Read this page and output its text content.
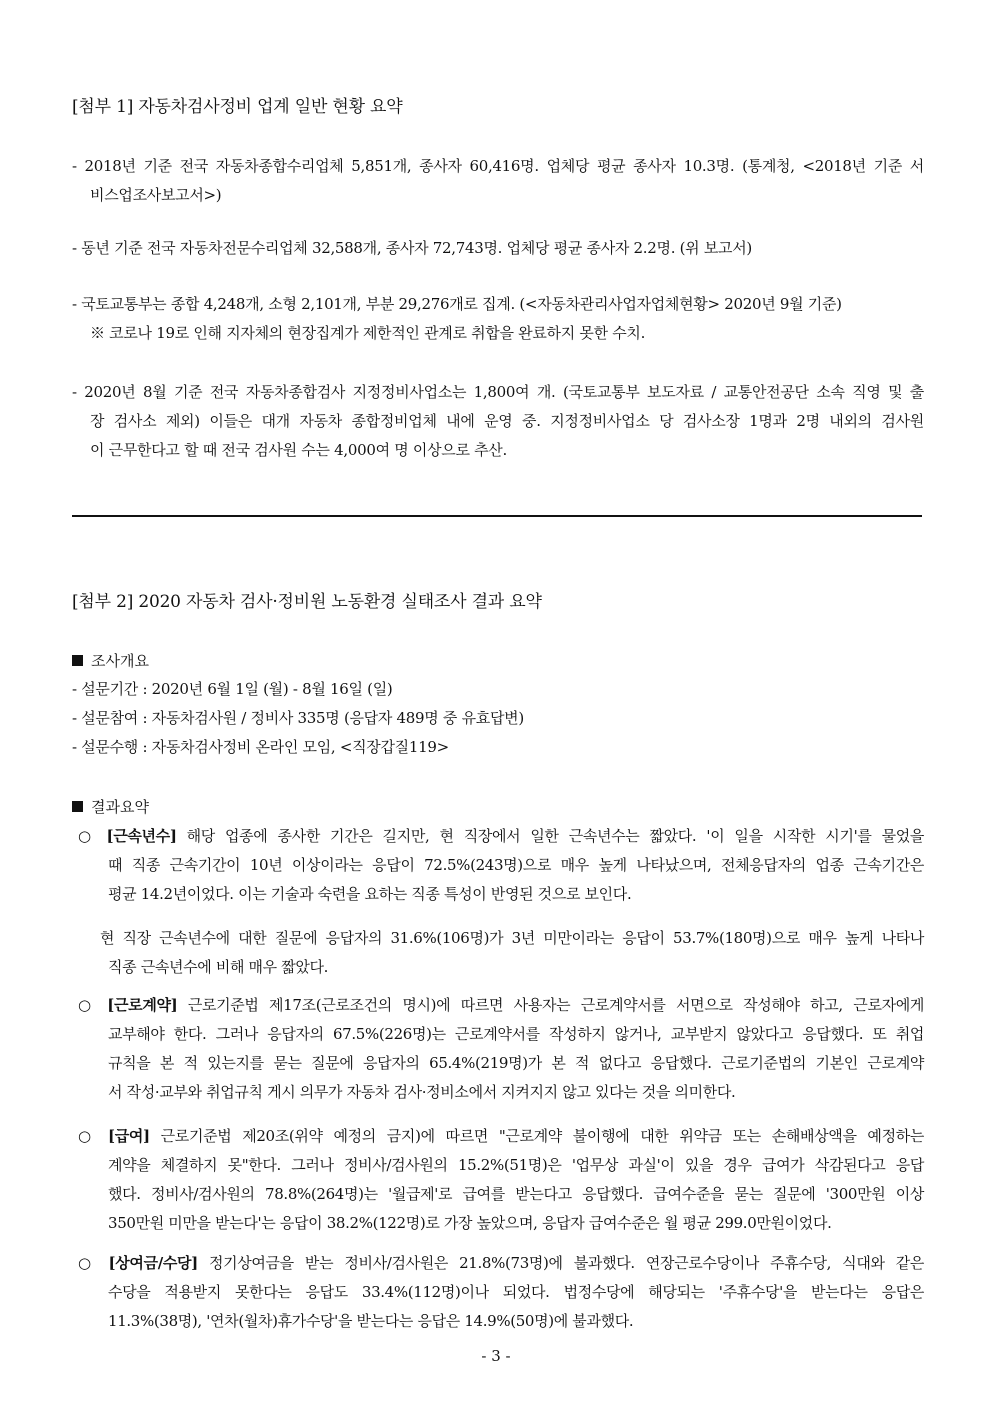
[첨부 1] 자동차검사정비 업계 일반 현황 요약
- 2018년 기준 전국 자동차종합수리업체 5,851개, 종사자 60,416명. 업체당 평균 종사자 10.3명. (통계청, <2018년 기준 서
비스업조사보고서>)
- 동년 기준 전국 자동차전문수리업체 32,588개, 종사자 72,743명. 업체당 평균 종사자 2.2명. (위 보고서)
- 국토교통부는 종합 4,248개, 소형 2,101개, 부분 29,276개로 집계. (<자동차관리사업자업체현황> 2020년 9월 기준)
※ 코로나 19로 인해 지자체의 현장집계가 제한적인 관계로 취합을 완료하지 못한 수치.
- 2020년 8월 기준 전국 자동차종합검사 지정정비사업소는 1,800여 개. (국토교통부 보도자료 / 교통안전공단 소속 직영 및 출
장 검사소 제외) 이들은 대개 자동차 종합정비업체 내에 운영 중. 지정정비사업소 당 검사소장 1명과 2명 내외의 검사원
이 근무한다고 할 때 전국 검사원 수는 4,000여 명 이상으로 추산.
[첨부 2] 2020 자동차 검사·정비원 노동환경 실태조사 결과 요약
조사개요
- 설문기간 : 2020년 6월 1일 (월) - 8월 16일 (일)
- 설문참여 : 자동차검사원 / 정비사 335명 (응답자 489명 중 유효답변)
- 설문수행 : 자동차검사정비 온라인 모임, <직장갑질119>
결과요약
○ [근속년수] 해당 업종에 종사한 기간은 길지만, 현 직장에서 일한 근속년수는 짧았다. '이 일을 시작한 시기'를 물었을
때 직종 근속기간이 10년 이상이라는 응답이 72.5%(243명)으로 매우 높게 나타났으며, 전체응답자의 업종 근속기간은
평균 14.2년이었다. 이는 기술과 숙련을 요하는 직종 특성이 반영된 것으로 보인다.
현 직장 근속년수에 대한 질문에 응답자의 31.6%(106명)가 3년 미만이라는 응답이 53.7%(180명)으로 매우 높게 나타나
직종 근속년수에 비해 매우 짧았다.
○ [근로계약] 근로기준법 제17조(근로조건의 명시)에 따르면 사용자는 근로계약서를 서면으로 작성해야 하고, 근로자에게
교부해야 한다. 그러나 응답자의 67.5%(226명)는 근로계약서를 작성하지 않거나, 교부받지 않았다고 응답했다. 또 취업
규칙을 본 적 있는지를 묻는 질문에 응답자의 65.4%(219명)가 본 적 없다고 응답했다. 근로기준법의 기본인 근로계약
서 작성·교부와 취업규칙 게시 의무가 자동차 검사·정비소에서 지켜지지 않고 있다는 것을 의미한다.
○ [급여] 근로기준법 제20조(위약 예정의 금지)에 따르면 "근로계약 불이행에 대한 위약금 또는 손해배상액을 예정하는
계약을 체결하지 못"한다. 그러나 정비사/검사원의 15.2%(51명)은 '업무상 과실'이 있을 경우 급여가 삭감된다고 응답
했다. 정비사/검사원의 78.8%(264명)는 '월급제'로 급여를 받는다고 응답했다. 급여수준을 묻는 질문에 '300만원 이상
350만원 미만을 받는다'는 응답이 38.2%(122명)로 가장 높았으며, 응답자 급여수준은 월 평균 299.0만원이었다.
○ [상여금/수당] 정기상여금을 받는 정비사/검사원은 21.8%(73명)에 불과했다. 연장근로수당이나 주휴수당, 식대와 같은
수당을 적용받지 못한다는 응답도 33.4%(112명)이나 되었다. 법정수당에 해당되는 '주휴수당'을 받는다는 응답은
11.3%(38명), '연차(월차)휴가수당'을 받는다는 응답은 14.9%(50명)에 불과했다.
- 3 -
